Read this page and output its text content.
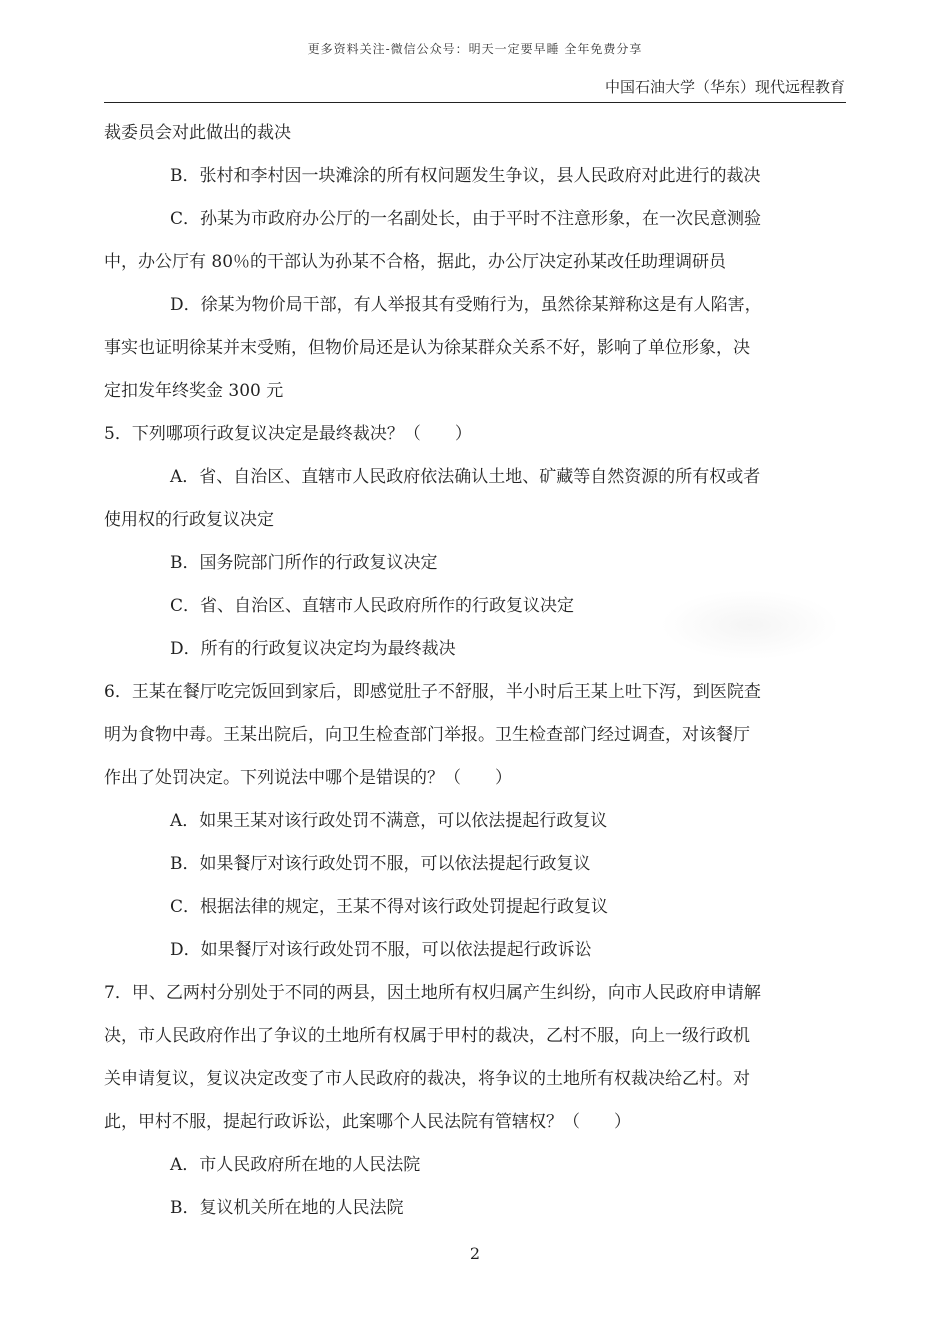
更多资料关注-微信公众号：明天一定要早睡 全年免费分享
中国石油大学（华东）现代远程教育
裁委员会对此做出的裁决
B．张村和李村因一块滩涂的所有权问题发生争议，县人民政府对此进行的裁决
C．孙某为市政府办公厅的一名副处长，由于平时不注意形象，在一次民意测验
中，办公厅有 80％的干部认为孙某不合格，据此，办公厅决定孙某改任助理调研员
D．徐某为物价局干部，有人举报其有受贿行为，虽然徐某辩称这是有人陷害，
事实也证明徐某并末受贿，但物价局还是认为徐某群众关系不好，影响了单位形象，决
定扣发年终奖金 300 元
5．下列哪项行政复议决定是最终裁决？（　　）
A．省、自治区、直辖市人民政府依法确认土地、矿藏等自然资源的所有权或者
使用权的行政复议决定
B．国务院部门所作的行政复议决定
C．省、自治区、直辖市人民政府所作的行政复议决定
D．所有的行政复议决定均为最终裁决
6．王某在餐厅吃完饭回到家后，即感觉肚子不舒服，半小时后王某上吐下泻，到医院查
明为食物中毒。王某出院后，向卫生检查部门举报。卫生检查部门经过调查，对该餐厅
作出了处罚决定。下列说法中哪个是错误的？（　　）
A．如果王某对该行政处罚不满意，可以依法提起行政复议
B．如果餐厅对该行政处罚不服，可以依法提起行政复议
C．根据法律的规定，王某不得对该行政处罚提起行政复议
D．如果餐厅对该行政处罚不服，可以依法提起行政诉讼
7．甲、乙两村分别处于不同的两县，因土地所有权归属产生纠纷，向市人民政府申请解
决，市人民政府作出了争议的土地所有权属于甲村的裁决，乙村不服，向上一级行政机
关申请复议，复议决定改变了市人民政府的裁决，将争议的土地所有权裁决给乙村。对
此，甲村不服，提起行政诉讼，此案哪个人民法院有管辖权？（　　）
A．市人民政府所在地的人民法院
B．复议机关所在地的人民法院
2
